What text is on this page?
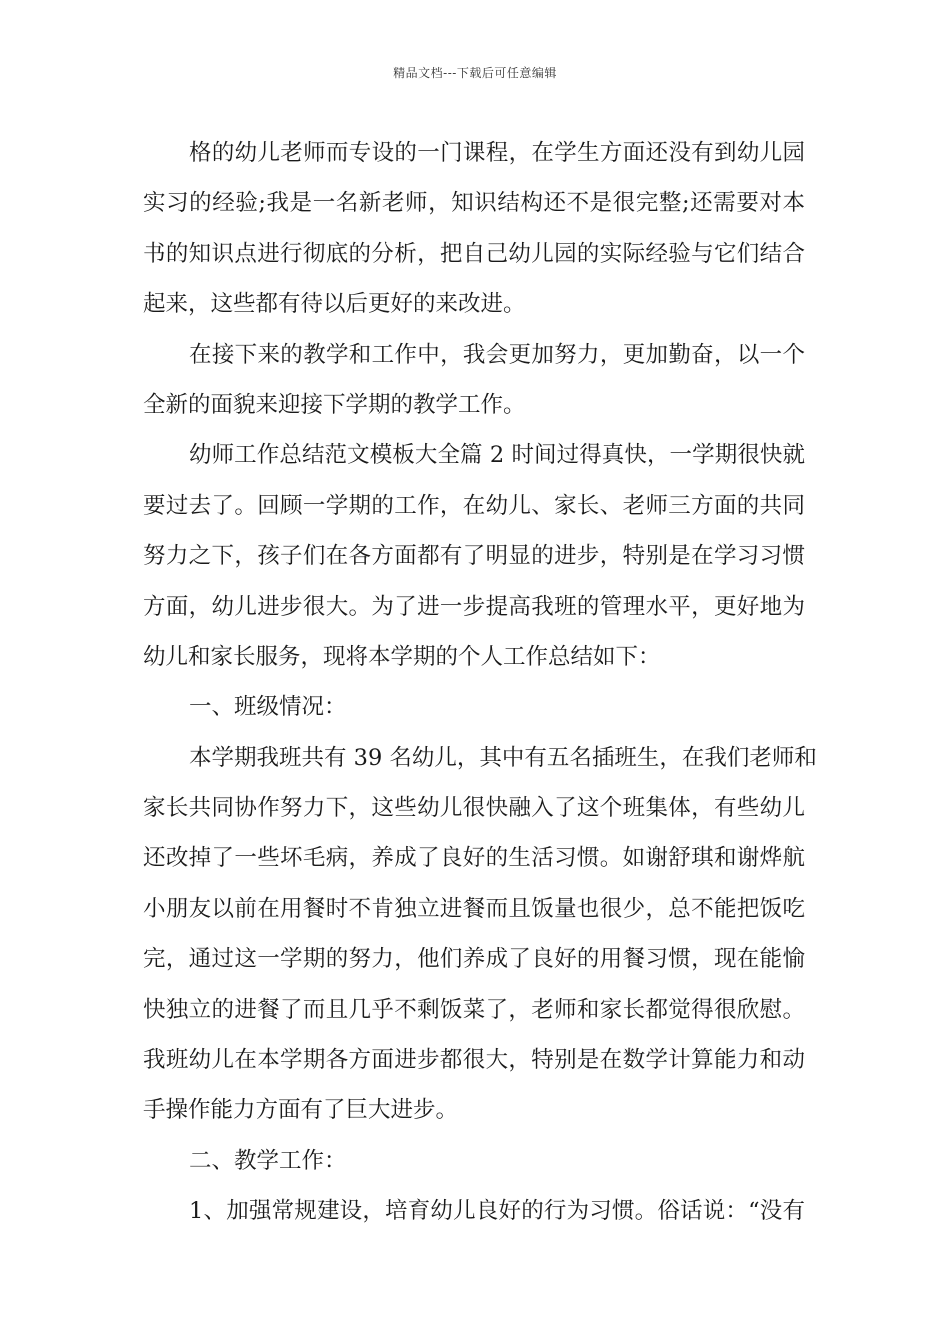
精品文档---下载后可任意编辑
格的幼儿老师而专设的一门课程，在学生方面还没有到幼儿园
实习的经验;我是一名新老师，知识结构还不是很完整;还需要对本
书的知识点进行彻底的分析，把自己幼儿园的实际经验与它们结合
起来，这些都有待以后更好的来改进。
在接下来的教学和工作中，我会更加努力，更加勤奋，以一个
全新的面貌来迎接下学期的教学工作。
幼师工作总结范文模板大全篇 2 时间过得真快，一学期很快就
要过去了。回顾一学期的工作，在幼儿、家长、老师三方面的共同
努力之下，孩子们在各方面都有了明显的进步，特别是在学习习惯
方面，幼儿进步很大。为了进一步提高我班的管理水平，更好地为
幼儿和家长服务，现将本学期的个人工作总结如下：
一、班级情况：
本学期我班共有 39 名幼儿，其中有五名插班生，在我们老师和
家长共同协作努力下，这些幼儿很快融入了这个班集体，有些幼儿
还改掉了一些坏毛病，养成了良好的生活习惯。如谢舒琪和谢烨航
小朋友以前在用餐时不肯独立进餐而且饭量也很少，总不能把饭吃
完，通过这一学期的努力，他们养成了良好的用餐习惯，现在能愉
快独立的进餐了而且几乎不剩饭菜了，老师和家长都觉得很欣慰。
我班幼儿在本学期各方面进步都很大，特别是在数学计算能力和动
手操作能力方面有了巨大进步。
二、教学工作：
1、加强常规建设，培育幼儿良好的行为习惯。俗话说：“没有
